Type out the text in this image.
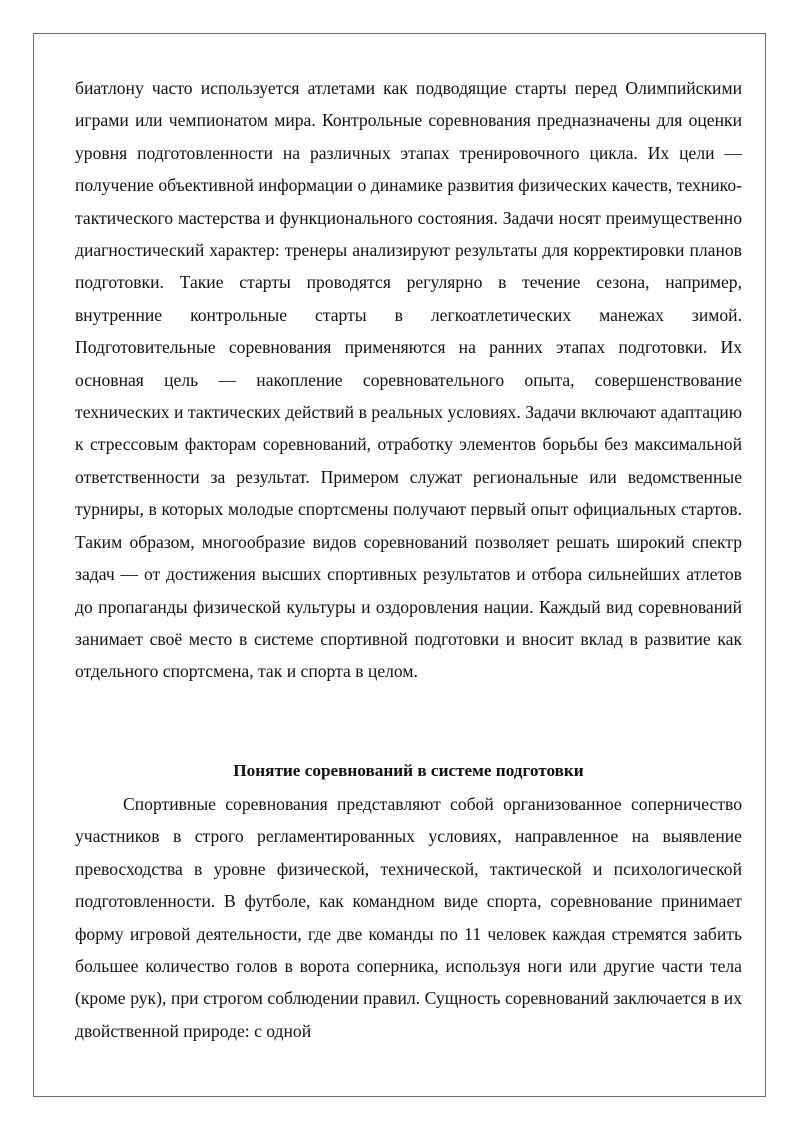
биатлону часто используется атлетами как подводящие старты перед Олимпийскими играми или чемпионатом мира. Контрольные соревнования предназначены для оценки уровня подготовленности на различных этапах тренировочного цикла. Их цели — получение объективной информации о динамике развития физических качеств, технико-тактического мастерства и функционального состояния. Задачи носят преимущественно диагностический характер: тренеры анализируют результаты для корректировки планов подготовки. Такие старты проводятся регулярно в течение сезона, например, внутренние контрольные старты в легкоатлетических манежах зимой. Подготовительные соревнования применяются на ранних этапах подготовки. Их основная цель — накопление соревновательного опыта, совершенствование технических и тактических действий в реальных условиях. Задачи включают адаптацию к стрессовым факторам соревнований, отработку элементов борьбы без максимальной ответственности за результат. Примером служат региональные или ведомственные турниры, в которых молодые спортсмены получают первый опыт официальных стартов. Таким образом, многообразие видов соревнований позволяет решать широкий спектр задач — от достижения высших спортивных результатов и отбора сильнейших атлетов до пропаганды физической культуры и оздоровления нации. Каждый вид соревнований занимает своё место в системе спортивной подготовки и вносит вклад в развитие как отдельного спортсмена, так и спорта в целом.

Понятие соревнований в системе подготовки

Спортивные соревнования представляют собой организованное соперничество участников в строго регламентированных условиях, направленное на выявление превосходства в уровне физической, технической, тактической и психологической подготовленности. В футболе, как командном виде спорта, соревнование принимает форму игровой деятельности, где две команды по 11 человек каждая стремятся забить большее количество голов в ворота соперника, используя ноги или другие части тела (кроме рук), при строгом соблюдении правил. Сущность соревнований заключается в их двойственной природе: с одной
